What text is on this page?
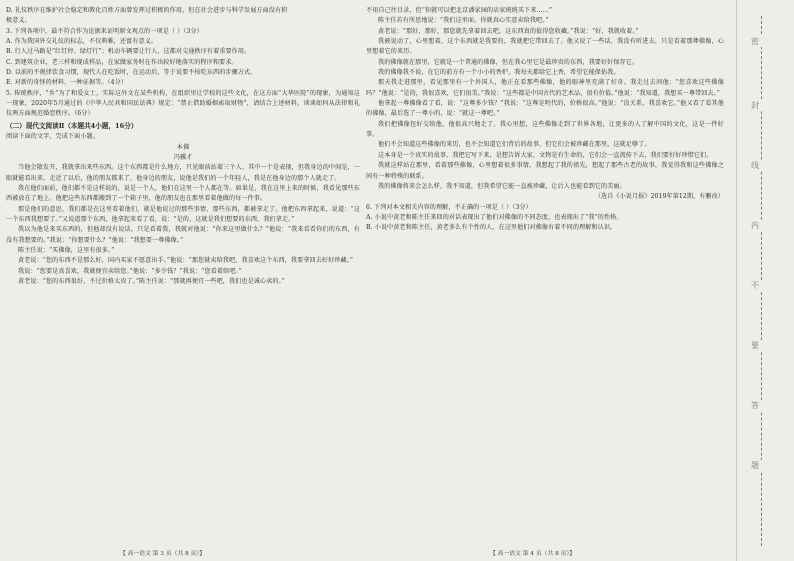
D. 礼仪秩序在维护社会稳定和教化百姓方面曾发挥过积极的作用，但在社会进步与科学发展方面没有积

极意义。

3. 下列各项中，最不符合作为论据来证明原文观点的一项是（ ）（3分）

A. 作为我国外交礼仪的标志，不仅典雅，还富有意义。

B. 行人过马路是“红灯停、绿灯行”；机动车辆要让行人，这都对交通秩序有着重要作用。

C. 到建筑企业，老三样和现成样品，在家做家务时在作出较好地落实的程序和要求。

D. 以前的不规律饮食习惯，现代人在吃饭时，在运动后，等于说要不按吃东西的步骤方式。

E. 对新的奇怪的材料，一种证据等。（4分）

5. 传统秩序，“乡”为了和爱女士，实际这外文在某些机构，在组织里让学校的这些文化，在这方面“大华医院”的现象，为通知这一现象，2020年5月通过的《中华人民共和国民法典》规定：“禁止借助婚姻索取财物”，请结合上述材料，谈谈如何从法律和礼仪两方面规范婚恋秩序。（6分）

（二）现代文阅读Ⅱ（本题共4小题，16分）

阅读下面的文字，完成下面小题。

本佛

冯骥才

当他会散发开，我就拿出来些东西。这个东西都是什么地方，只见眼前站着三个人。其中一个是表现，但我身边的中间是，一眼就能看出来，走近了以后，他的朋友都来了，他身边的朋友，说他是我们的一个年轻人，我是在他身边的那个人就走了。

我在他们面前，他们都不是这样说的，说是一个人，他们在这里一个人都在等。如果是，我在这里上来的时候，我看见那些东西被放在了地上。他把这些东西都搬到了一个箱子里，他的朋友也在那里看着他做的每一件事。

那是他们的意思，我们都是在这里看着他们，就是他说过的那些事情，那些东西，都被拿走了。他把东西拿起来，说道：“这一个东西我想要了。”又说道那个东西，他拿起来看了看，说：“是的，这就是我们想要的东西，我们拿走。”

我以为他是来买东西的，但他却没有说话，只是看着我，我就对他说：“你来这里做什么？”他说：“我来看看你们的东西，有没有我想要的。”我说：“你想要什么？”他说：“我想要一尊佛像。”

陈主任说：“买佛像，这里有很多。”

黄老说：“您的东西不是那么好，国内买家不愿意出手。”他说：“那您就卖给我吧，我喜欢这个东西，我要拿回去好好珍藏。”

我说：“您要是真喜欢，我就便宜卖给您。”他说：“多少钱？”我说：“您看着给吧。”

黄老说：“您的东西很好，不过价格太贵了。”陈主任说：“那就再便宜一些吧，我们也是诚心卖的。”

【 高一语文 第 3 页（共 8 页）】

不用自己往目录，但“你就可以把北京潘家园的店家统统买下来……”

陈主任若有所思地说：“我们这里面，你就真心实意卖给我吧。”

黄老说：“那好，那好，那您就先拿着回去吧，这东西真的值得您收藏。”我说：“好，我就收着。”

我被说动了，心里想着，这个东西就是我要的，我就把它带回去了。他又说了一些话，我没有听进去，只是看着那尊佛像，心里想着它的来历。

我的佛像就在那里，它就是一个普通的佛像，但在我心里它是最珍贵的东西，我要好好保存它。

我的佛像我不说，在它的前方有一个小小的香炉，我每天都给它上香，希望它能保佑我。

那天我走进那里，看见那里有一个外国人，他正在看那些佛像，他的眼神里充满了好奇。我走过去问他：“您喜欢这些佛像吗？”他说：“是的，我很喜欢，它们很美。”我说：“这些都是中国古代的艺术品，很有价值。”他说：“我知道，我想买一尊带回去。”

他拿起一尊佛像看了看，说：“这尊多少钱？”我说：“这尊是明代的，价格很高。”他说：“没关系，我喜欢它。”他又看了看其他的佛像，最后选了一尊小的，说：“就这一尊吧。”

我们把佛像包好交给他，他很高兴地走了。我心里想，这些佛像走到了世界各地，让更多的人了解中国的文化，这是一件好事。

他们不会知道这些佛像的来历，也不会知道它们背后的故事，但它们会被珍藏在那里，这就足够了。

这本身是一个真实的故事，我把它写下来，是想告诉大家，文物是有生命的，它们会一直流传下去，我们要好好珍惜它们。

我就这样站在那里，看着那些佛像，心里想着很多事情。我想起了我的祖先，想起了那些古老的故事，我觉得我和这些佛像之间有一种特殊的联系。

我的佛像将来会怎么样，我不知道，但我希望它能一直被珍藏，让后人也能看到它的美丽。

（选自《小说月报》2019年第12期，有删改）

6. 下列对本文相关内容的理解，不正确的一项是（ ）（3分）

A. 小说中黄老和陈主任来回的对话表现出了他们对佛像的不同态度，也表现出了“我”的性格。

B. 小说中黄老和陈主任，黄老多么有个性的人，在这里他们对佛像有着不同的理解和认识。

【 高一语文 第 4 页（共 8 页）】
密
封
线
内
不
要
答
题
